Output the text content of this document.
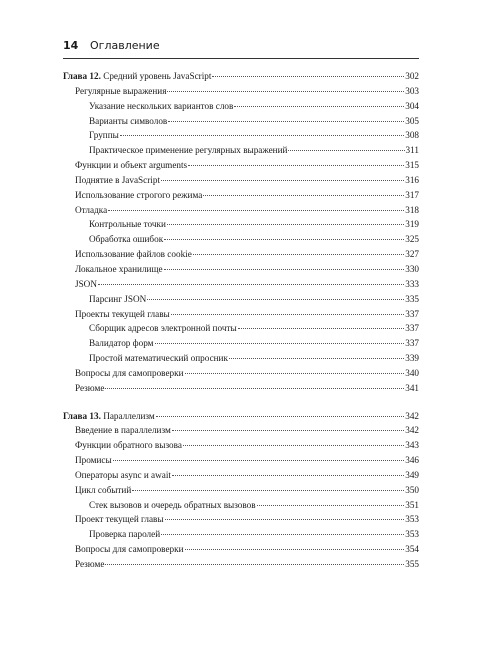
14 Оглавление
Глава 12. Средний уровень JavaScript	302
Регулярные выражения	303
Указание нескольких вариантов слов	304
Варианты символов	305
Группы	308
Практическое применение регулярных выражений	311
Функции и объект arguments	315
Поднятие в JavaScript	316
Использование строгого режима	317
Отладка	318
Контрольные точки	319
Обработка ошибок	325
Использование файлов cookie	327
Локальное хранилище	330
JSON	333
Парсинг JSON	335
Проекты текущей главы	337
Сборщик адресов электронной почты	337
Валидатор форм	337
Простой математический опросник	339
Вопросы для самопроверки	340
Резюме	341
Глава 13. Параллелизм	342
Введение в параллелизм	342
Функции обратного вызова	343
Промисы	346
Операторы async и await	349
Цикл событий	350
Стек вызовов и очередь обратных вызовов	351
Проект текущей главы	353
Проверка паролей	353
Вопросы для самопроверки	354
Резюме	355
